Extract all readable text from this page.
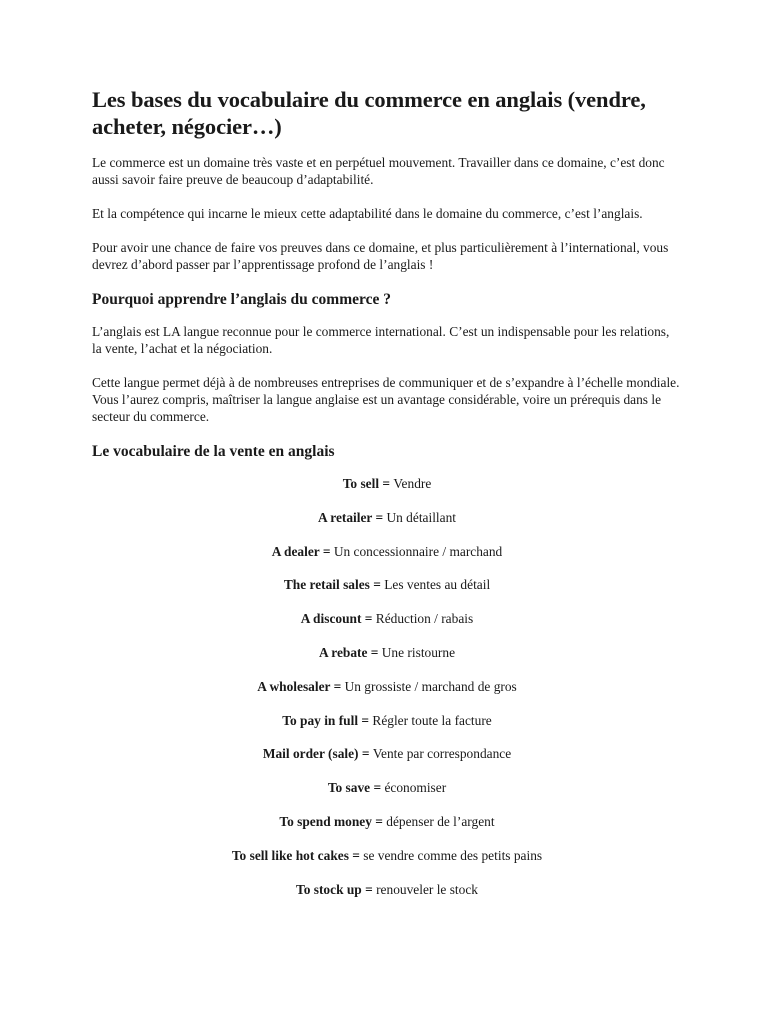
Les bases du vocabulaire du commerce en anglais (vendre, acheter, négocier…)

Le commerce est un domaine très vaste et en perpétuel mouvement. Travailler dans ce domaine, c’est donc aussi savoir faire preuve de beaucoup d’adaptabilité.

Et la compétence qui incarne le mieux cette adaptabilité dans le domaine du commerce, c’est l’anglais.

Pour avoir une chance de faire vos preuves dans ce domaine, et plus particulièrement à l’international, vous devrez d’abord passer par l’apprentissage profond de l’anglais !

Pourquoi apprendre l’anglais du commerce ?

L’anglais est LA langue reconnue pour le commerce international. C’est un indispensable pour les relations, la vente, l’achat et la négociation.

Cette langue permet déjà à de nombreuses entreprises de communiquer et de s’expandre à l’échelle mondiale. Vous l’aurez compris, maîtriser la langue anglaise est un avantage considérable, voire un prérequis dans le secteur du commerce.

Le vocabulaire de la vente en anglais
To sell = Vendre
A retailer = Un détaillant
A dealer = Un concessionnaire / marchand
The retail sales = Les ventes au détail
A discount = Réduction / rabais
A rebate = Une ristourne
A wholesaler = Un grossiste / marchand de gros
To pay in full = Régler toute la facture
Mail order (sale) = Vente par correspondance
To save = économiser
To spend money = dépenser de l’argent
To sell like hot cakes = se vendre comme des petits pains
To stock up = renouveler le stock
